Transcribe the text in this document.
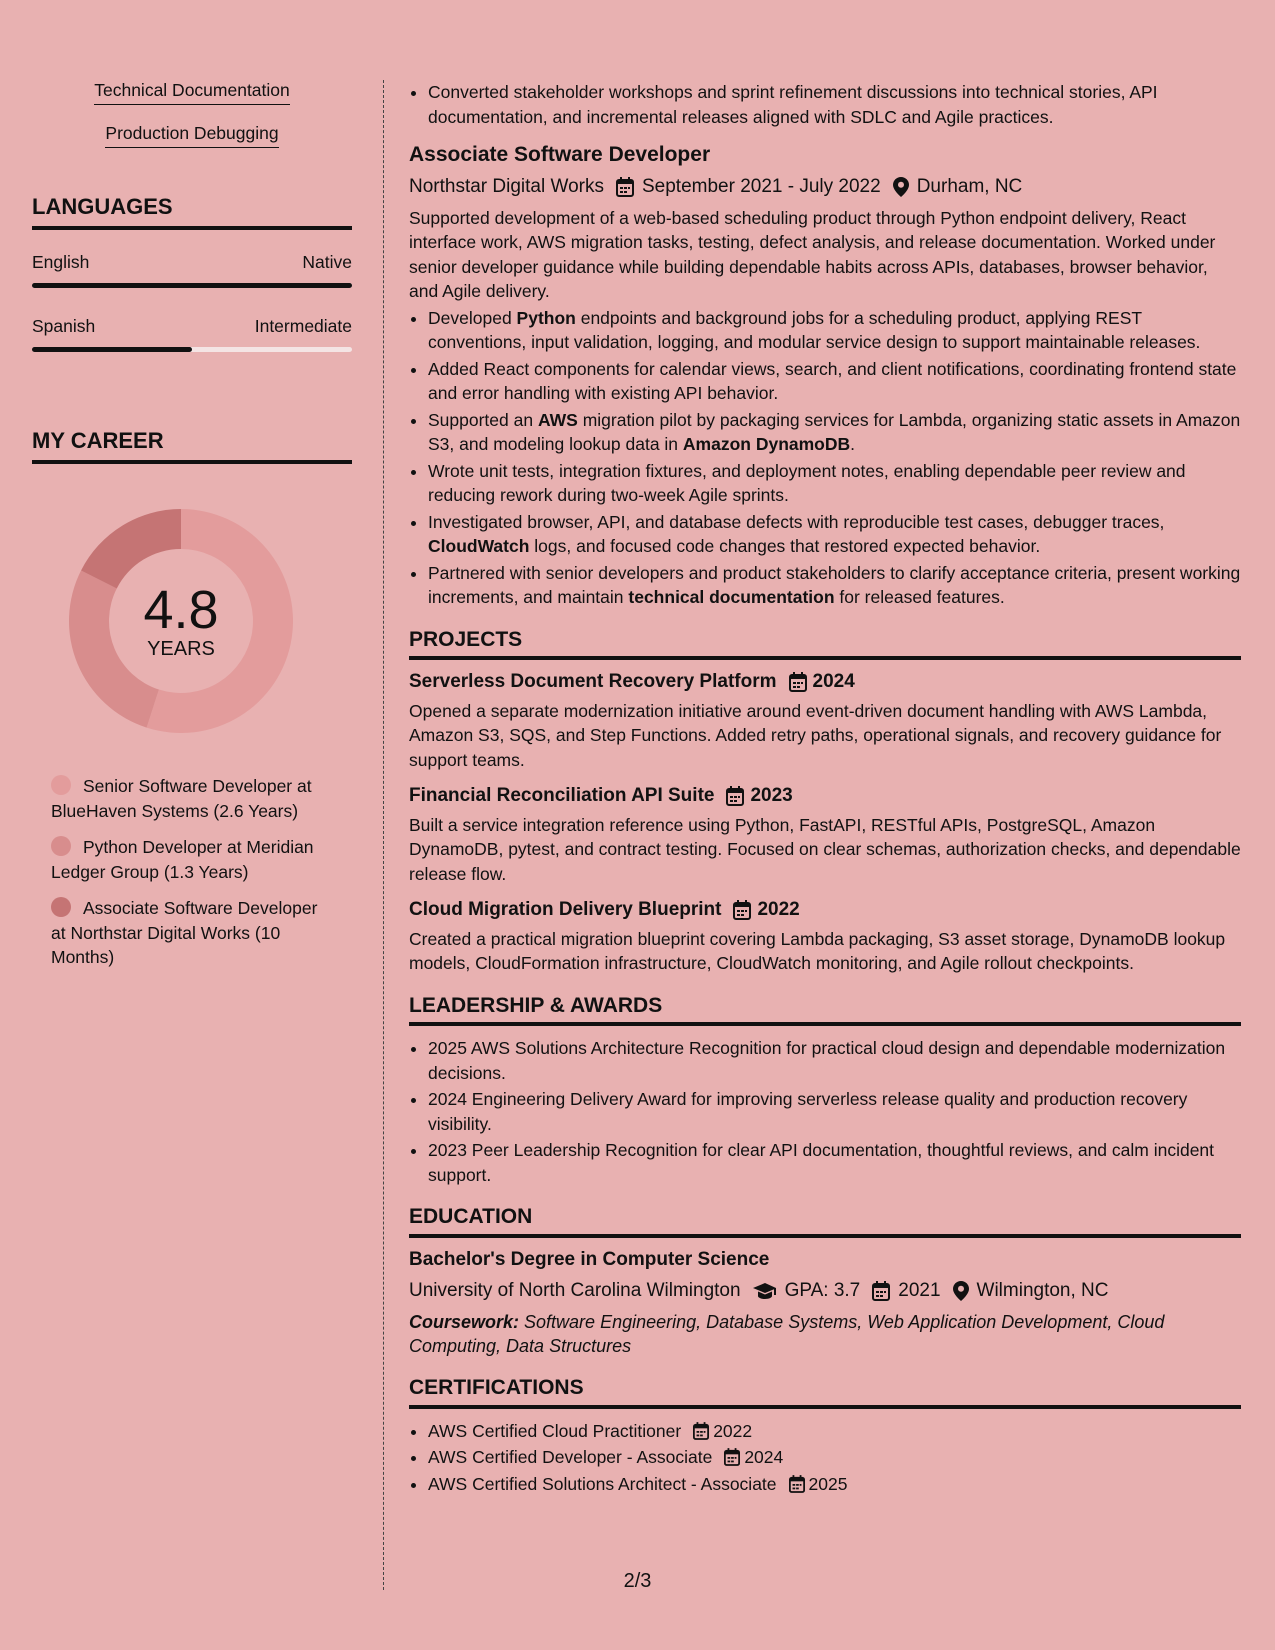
Technical Documentation
Production Debugging
LANGUAGES
English	Native
Spanish	Intermediate
MY CAREER
4.8
YEARS
Senior Software Developer at BlueHaven Systems (2.6 Years)
Python Developer at Meridian Ledger Group (1.3 Years)
Associate Software Developer at Northstar Digital Works (10 Months)
• Converted stakeholder workshops and sprint refinement discussions into technical stories, API documentation, and incremental releases aligned with SDLC and Agile practices.
Associate Software Developer
Northstar Digital Works September 2021 - July 2022 Durham, NC

Supported development of a web-based scheduling product through Python endpoint delivery, React interface work, AWS migration tasks, testing, defect analysis, and release documentation. Worked under senior developer guidance while building dependable habits across APIs, databases, browser behavior, and Agile delivery.

• Developed Python endpoints and background jobs for a scheduling product, applying REST conventions, input validation, logging, and modular service design to support maintainable releases.
• Added React components for calendar views, search, and client notifications, coordinating frontend state and error handling with existing API behavior.
• Supported an AWS migration pilot by packaging services for Lambda, organizing static assets in Amazon S3, and modeling lookup data in Amazon DynamoDB.
• Wrote unit tests, integration fixtures, and deployment notes, enabling dependable peer review and reducing rework during two-week Agile sprints.
• Investigated browser, API, and database defects with reproducible test cases, debugger traces, CloudWatch logs, and focused code changes that restored expected behavior.
• Partnered with senior developers and product stakeholders to clarify acceptance criteria, present working increments, and maintain technical documentation for released features.
PROJECTS
Serverless Document Recovery Platform 2024
Opened a separate modernization initiative around event-driven document handling with AWS Lambda, Amazon S3, SQS, and Step Functions. Added retry paths, operational signals, and recovery guidance for support teams.
Financial Reconciliation API Suite 2023
Built a service integration reference using Python, FastAPI, RESTful APIs, PostgreSQL, Amazon DynamoDB, pytest, and contract testing. Focused on clear schemas, authorization checks, and dependable release flow.
Cloud Migration Delivery Blueprint 2022
Created a practical migration blueprint covering Lambda packaging, S3 asset storage, DynamoDB lookup models, CloudFormation infrastructure, CloudWatch monitoring, and Agile rollout checkpoints.
LEADERSHIP & AWARDS
• 2025 AWS Solutions Architecture Recognition for practical cloud design and dependable modernization decisions.
• 2024 Engineering Delivery Award for improving serverless release quality and production recovery visibility.
• 2023 Peer Leadership Recognition for clear API documentation, thoughtful reviews, and calm incident support.
EDUCATION
Bachelor's Degree in Computer Science
University of North Carolina Wilmington GPA: 3.7 2021 Wilmington, NC
Coursework: Software Engineering, Database Systems, Web Application Development, Cloud Computing, Data Structures
CERTIFICATIONS
• AWS Certified Cloud Practitioner 2022
• AWS Certified Developer - Associate 2024
• AWS Certified Solutions Architect - Associate 2025
2/3
